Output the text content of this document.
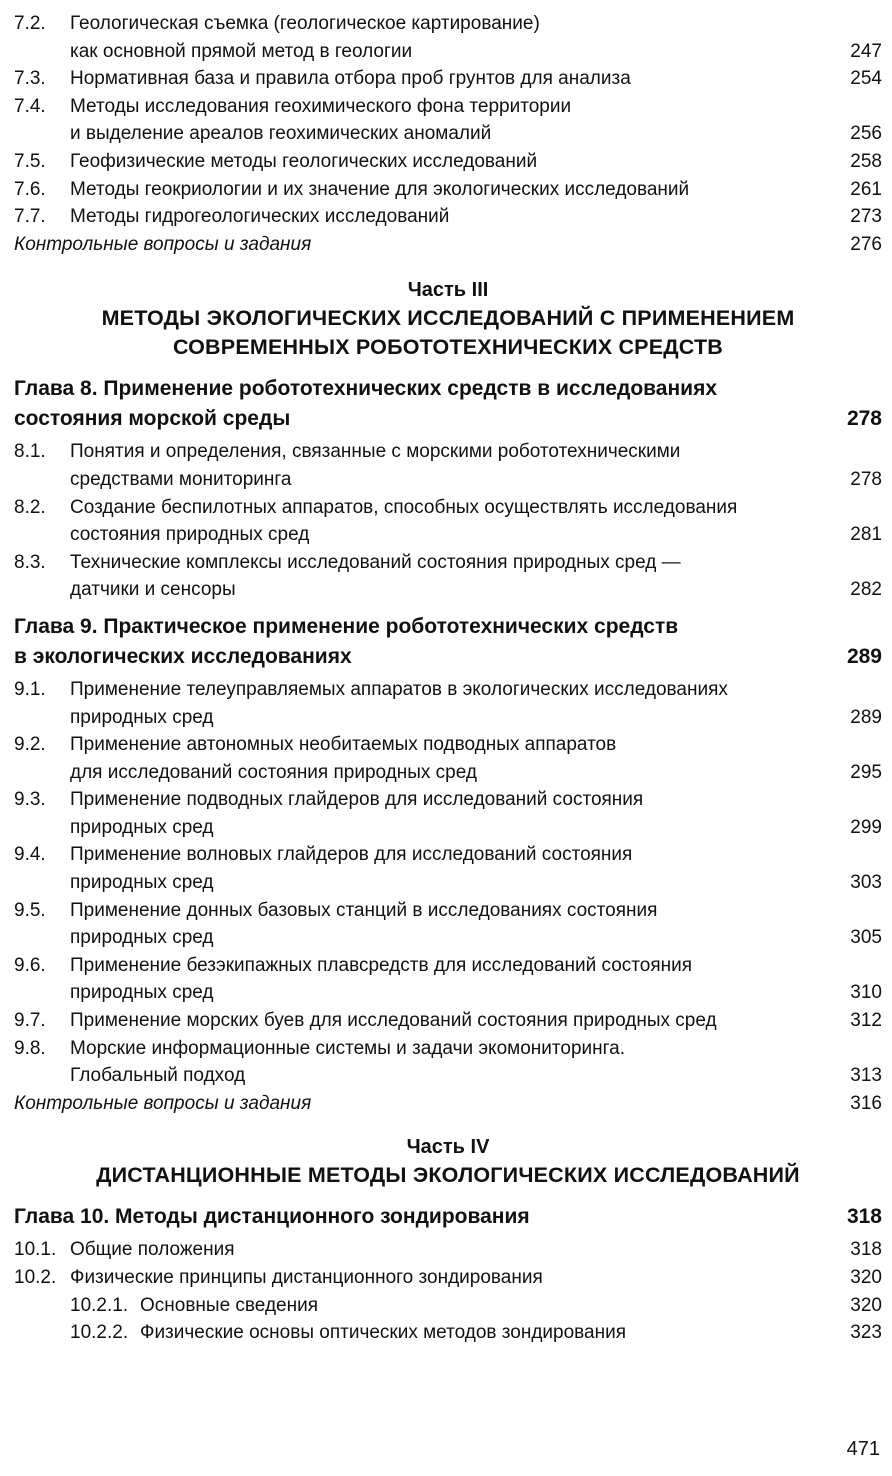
7.2.	Геологическая съемка (геологическое картирование)
как основной прямой метод в геологии .....	247
7.3.	Нормативная база и правила отбора проб грунтов для анализа .....	254
7.4.	Методы исследования геохимического фона территории
и выделение ареалов геохимических аномалий .....	256
7.5.	Геофизические методы геологических исследований .....	258
7.6.	Методы геокриологии и их значение для экологических исследований .....	261
7.7.	Методы гидрогеологических исследований .....	273
Контрольные вопросы и задания .....	276
Часть III
МЕТОДЫ ЭКОЛОГИЧЕСКИХ ИССЛЕДОВАНИЙ С ПРИМЕНЕНИЕМ
СОВРЕМЕННЫХ РОБОТОТЕХНИЧЕСКИХ СРЕДСТВ
Глава 8. Применение робототехнических средств в исследованиях
состояния морской среды .....	278
8.1.	Понятия и определения, связанные с морскими робототехническими
средствами мониторинга .....	278
8.2.	Создание беспилотных аппаратов, способных осуществлять исследования
состояния природных сред .....	281
8.3.	Технические комплексы исследований состояния природных сред —
датчики и сенсоры .....	282
Глава 9. Практическое применение робототехнических средств
в экологических исследованиях .....	289
9.1.	Применение телеуправляемых аппаратов в экологических исследованиях
природных сред .....	289
9.2.	Применение автономных необитаемых подводных аппаратов
для исследований состояния природных сред .....	295
9.3.	Применение подводных глайдеров для исследований состояния
природных сред .....	299
9.4.	Применение волновых глайдеров для исследований состояния
природных сред .....	303
9.5.	Применение донных базовых станций в исследованиях состояния
природных сред .....	305
9.6.	Применение безэкипажных плавсредств для исследований состояния
природных сред .....	310
9.7.	Применение морских буев для исследований состояния природных сред .....	312
9.8.	Морские информационные системы и задачи экомониторинга.
Глобальный подход .....	313
Контрольные вопросы и задания .....	316
Часть IV
ДИСТАНЦИОННЫЕ МЕТОДЫ ЭКОЛОГИЧЕСКИХ ИССЛЕДОВАНИЙ
Глава 10. Методы дистанционного зондирования .....	318
10.1. Общие положения .....	318
10.2. Физические принципы дистанционного зондирования .....	320
10.2.1. Основные сведения .....	320
10.2.2. Физические основы оптических методов зондирования .....	323
471
